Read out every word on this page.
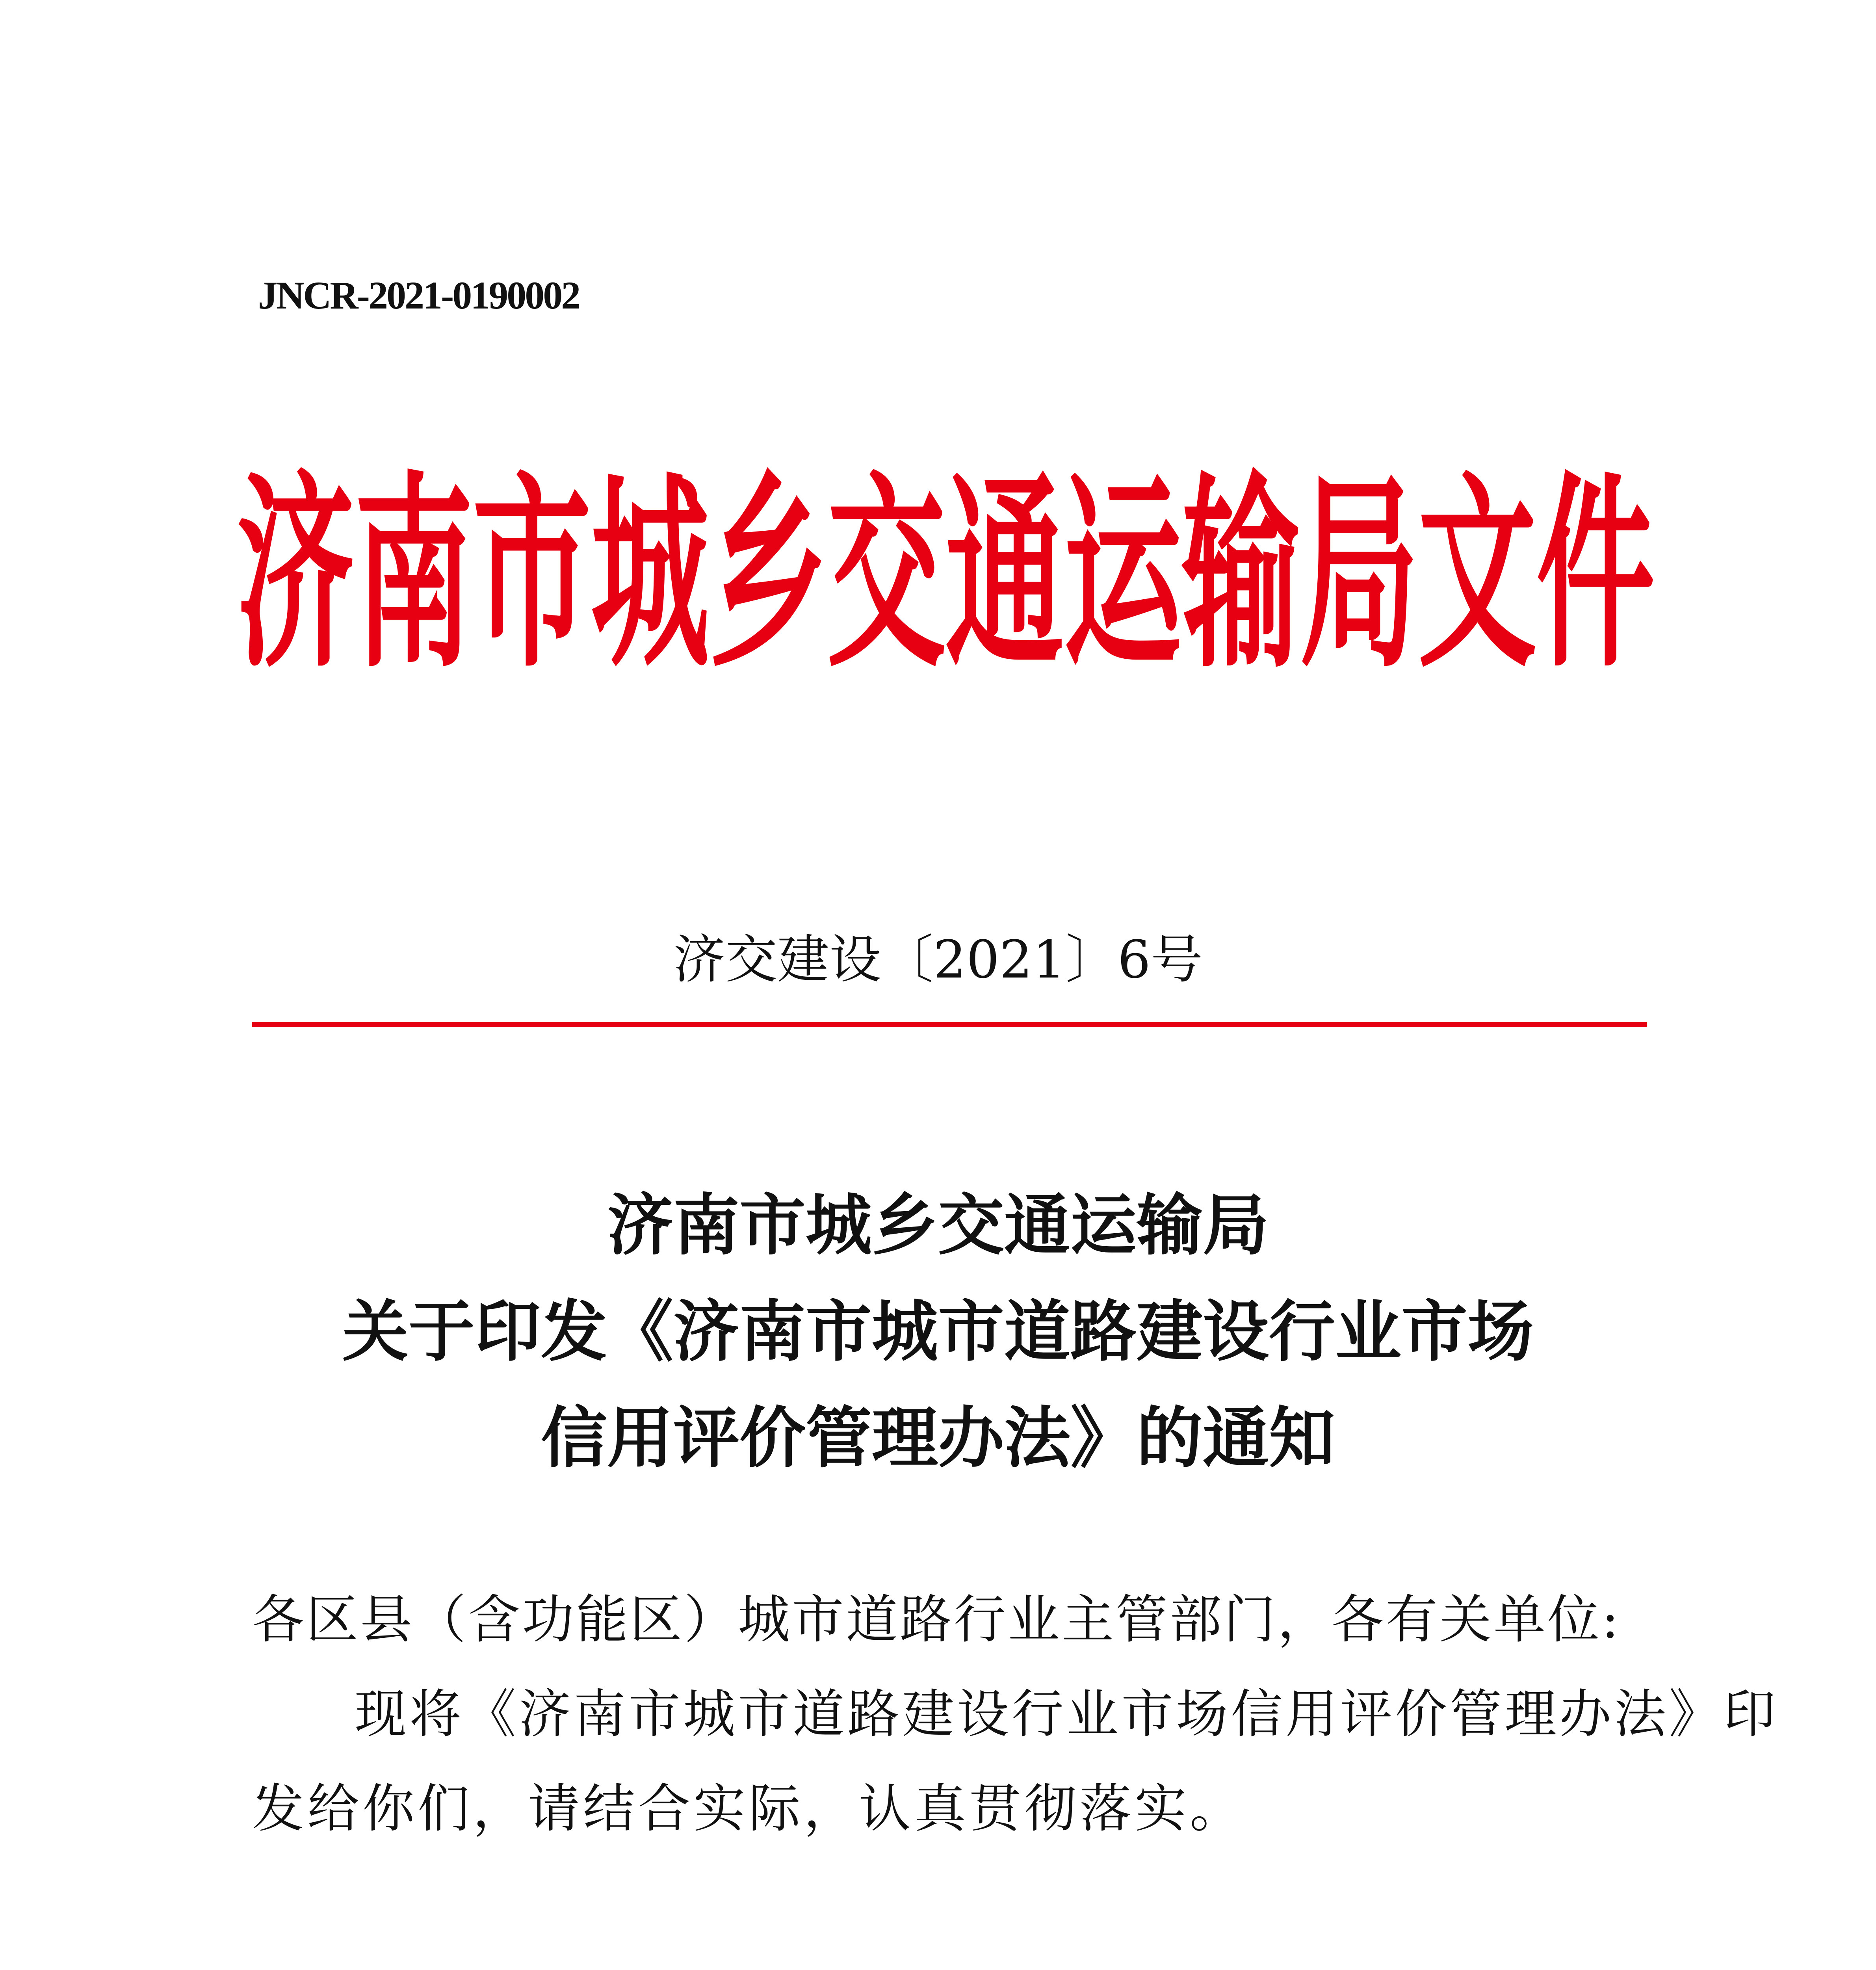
JNCR-2021-0190002
济南市城乡交通运输局文件
济交建设〔2021〕6号
济南市城乡交通运输局
关于印发《济南市城市道路建设行业市场
信用评价管理办法》的通知
各区县（含功能区）城市道路行业主管部门，各有关单位:
现将《济南市城市道路建设行业市场信用评价管理办法》印
发给你们，请结合实际，认真贯彻落实。
